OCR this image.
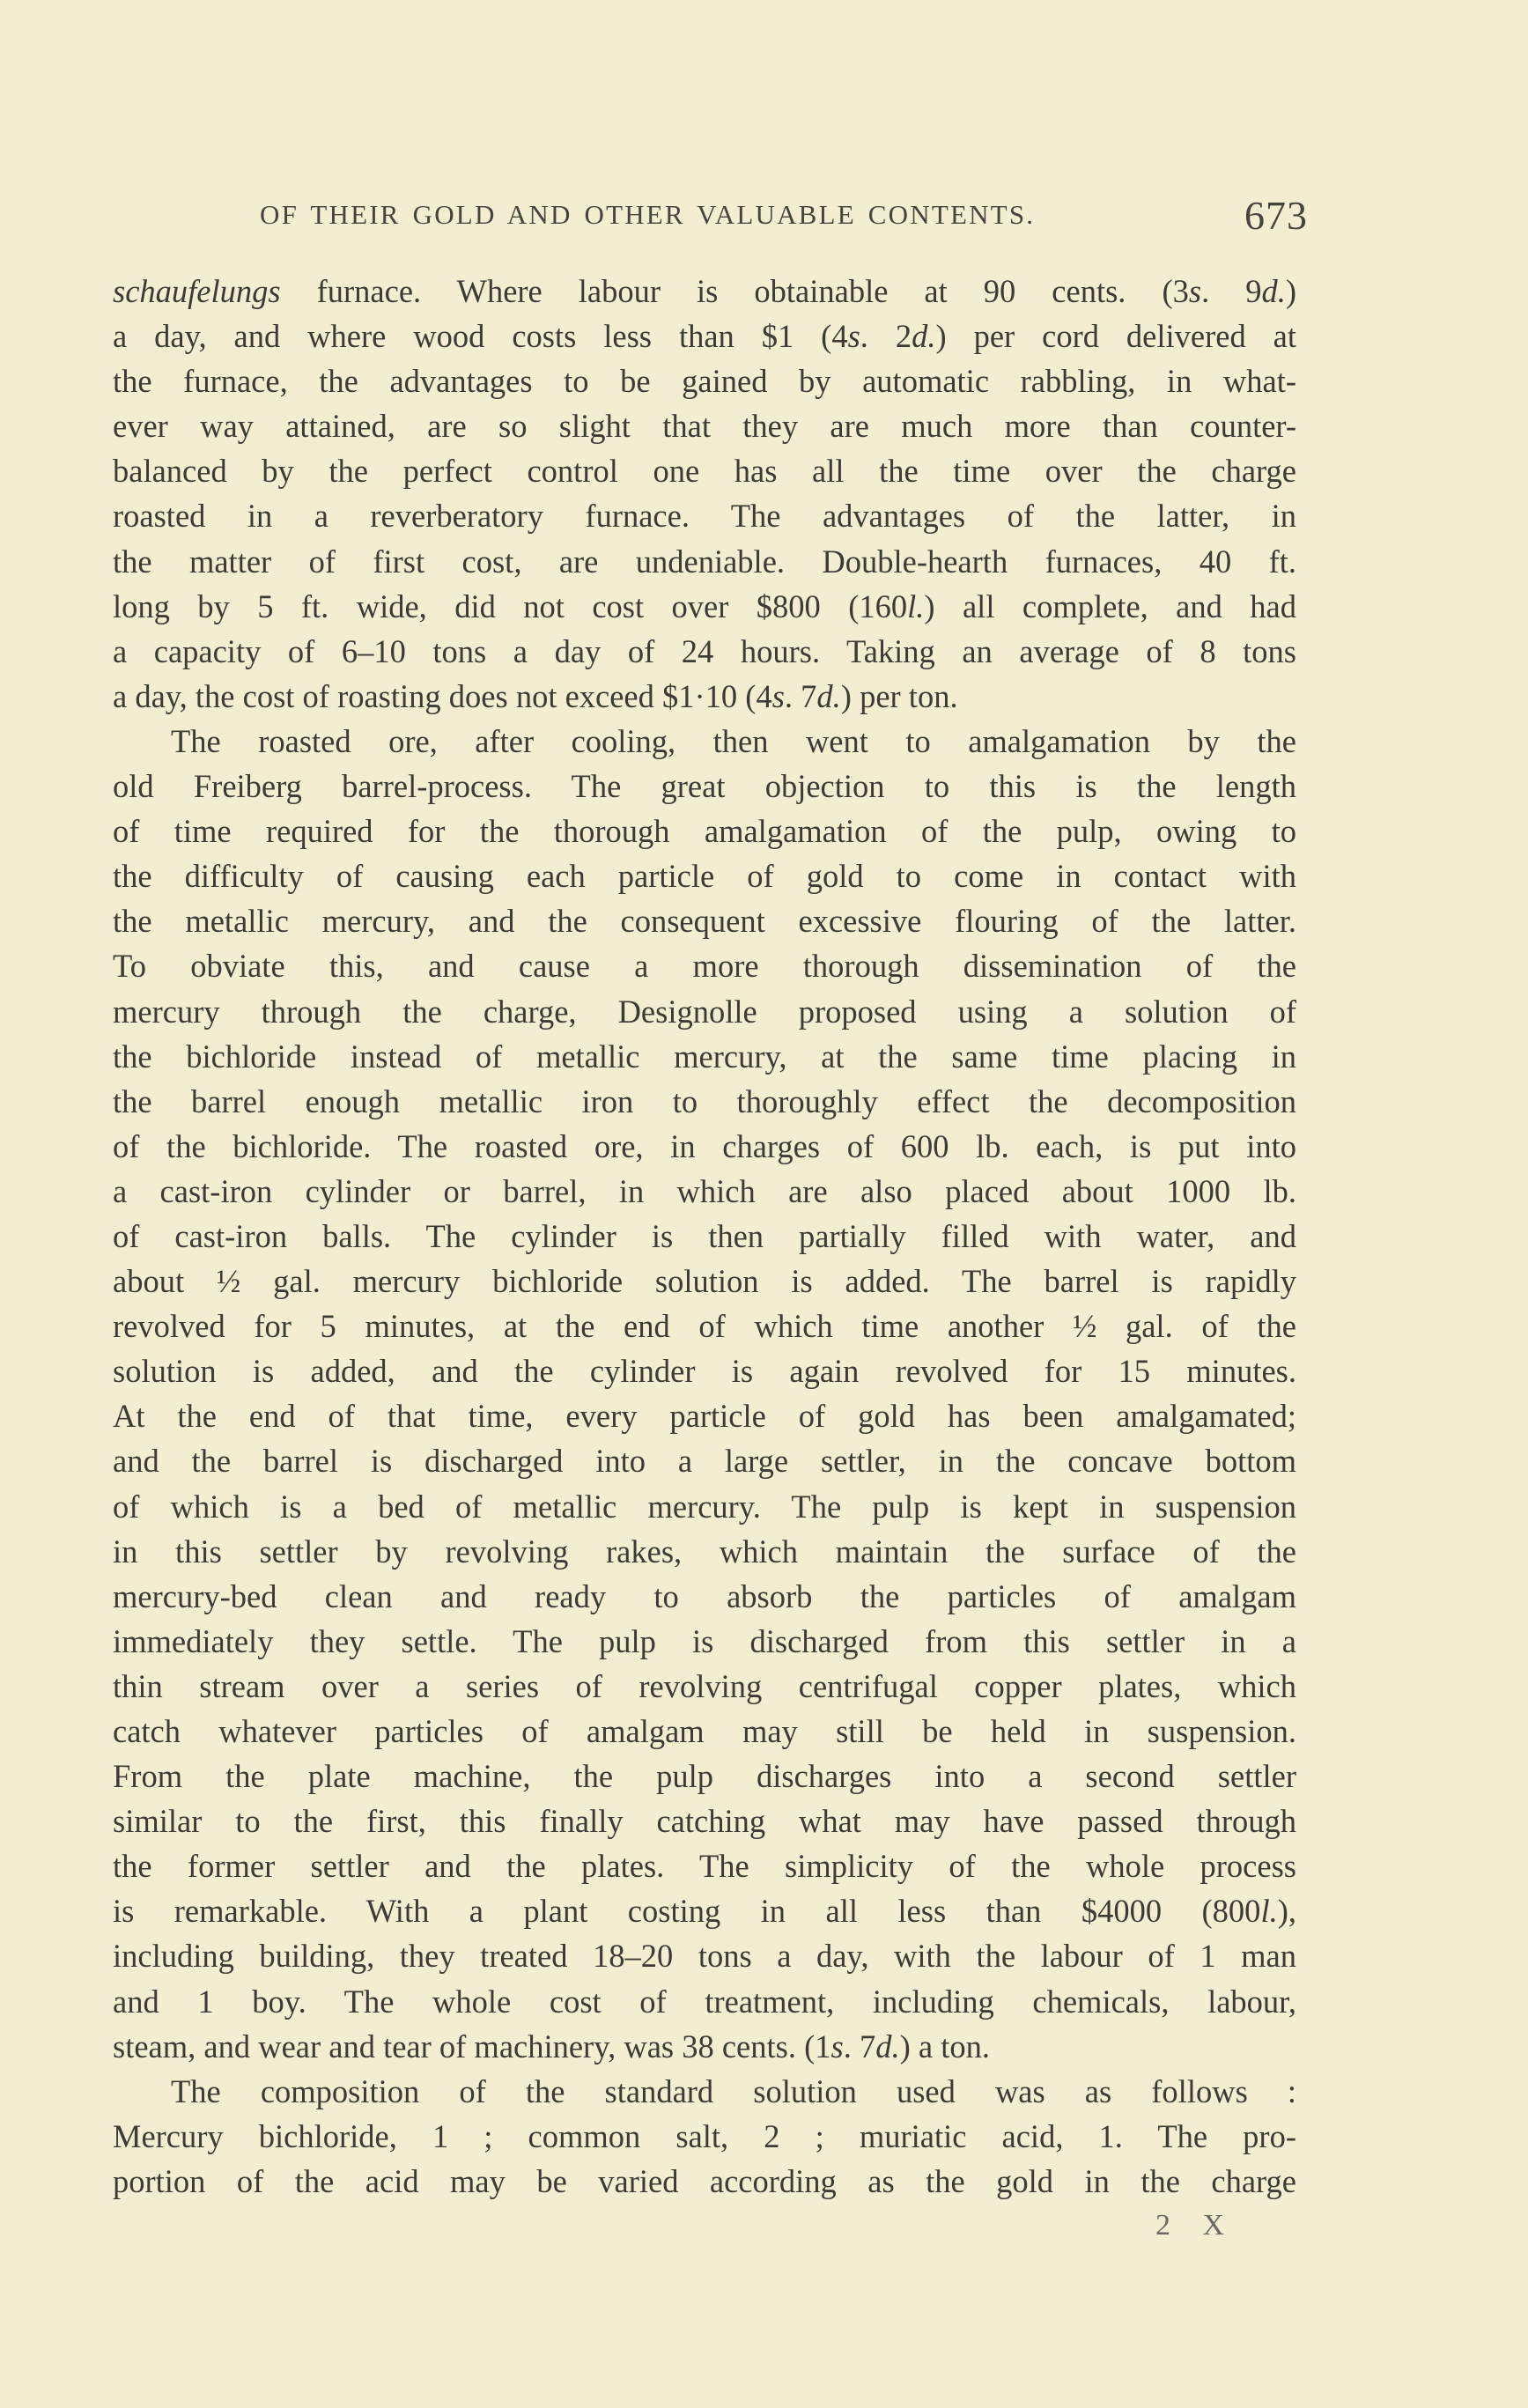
OF THEIR GOLD AND OTHER VALUABLE CONTENTS.	673
schaufelungs furnace. Where labour is obtainable at 90 cents. (3s. 9d.)
a day, and where wood costs less than $1 (4s. 2d.) per cord delivered at
the furnace, the advantages to be gained by automatic rabbling, in what-
ever way attained, are so slight that they are much more than counter-
balanced by the perfect control one has all the time over the charge
roasted in a reverberatory furnace. The advantages of the latter, in
the matter of first cost, are undeniable. Double-hearth furnaces, 40 ft.
long by 5 ft. wide, did not cost over $800 (160l.) all complete, and had
a capacity of 6–10 tons a day of 24 hours. Taking an average of 8 tons
a day, the cost of roasting does not exceed $1·10 (4s. 7d.) per ton.
The roasted ore, after cooling, then went to amalgamation by the
old Freiberg barrel-process. The great objection to this is the length
of time required for the thorough amalgamation of the pulp, owing to
the difficulty of causing each particle of gold to come in contact with
the metallic mercury, and the consequent excessive flouring of the latter.
To obviate this, and cause a more thorough dissemination of the
mercury through the charge, Designolle proposed using a solution of
the bichloride instead of metallic mercury, at the same time placing in
the barrel enough metallic iron to thoroughly effect the decomposition
of the bichloride. The roasted ore, in charges of 600 lb. each, is put into
a cast-iron cylinder or barrel, in which are also placed about 1000 lb.
of cast-iron balls. The cylinder is then partially filled with water, and
about ½ gal. mercury bichloride solution is added. The barrel is rapidly
revolved for 5 minutes, at the end of which time another ½ gal. of the
solution is added, and the cylinder is again revolved for 15 minutes.
At the end of that time, every particle of gold has been amalgamated;
and the barrel is discharged into a large settler, in the concave bottom
of which is a bed of metallic mercury. The pulp is kept in suspension
in this settler by revolving rakes, which maintain the surface of the
mercury-bed clean and ready to absorb the particles of amalgam
immediately they settle. The pulp is discharged from this settler in a
thin stream over a series of revolving centrifugal copper plates, which
catch whatever particles of amalgam may still be held in suspension.
From the plate machine, the pulp discharges into a second settler
similar to the first, this finally catching what may have passed through
the former settler and the plates. The simplicity of the whole process
is remarkable. With a plant costing in all less than $4000 (800l.),
including building, they treated 18–20 tons a day, with the labour of 1 man
and 1 boy. The whole cost of treatment, including chemicals, labour,
steam, and wear and tear of machinery, was 38 cents. (1s. 7d.) a ton.
The composition of the standard solution used was as follows :
Mercury bichloride, 1 ; common salt, 2 ; muriatic acid, 1. The pro-
portion of the acid may be varied according as the gold in the charge
2 X
